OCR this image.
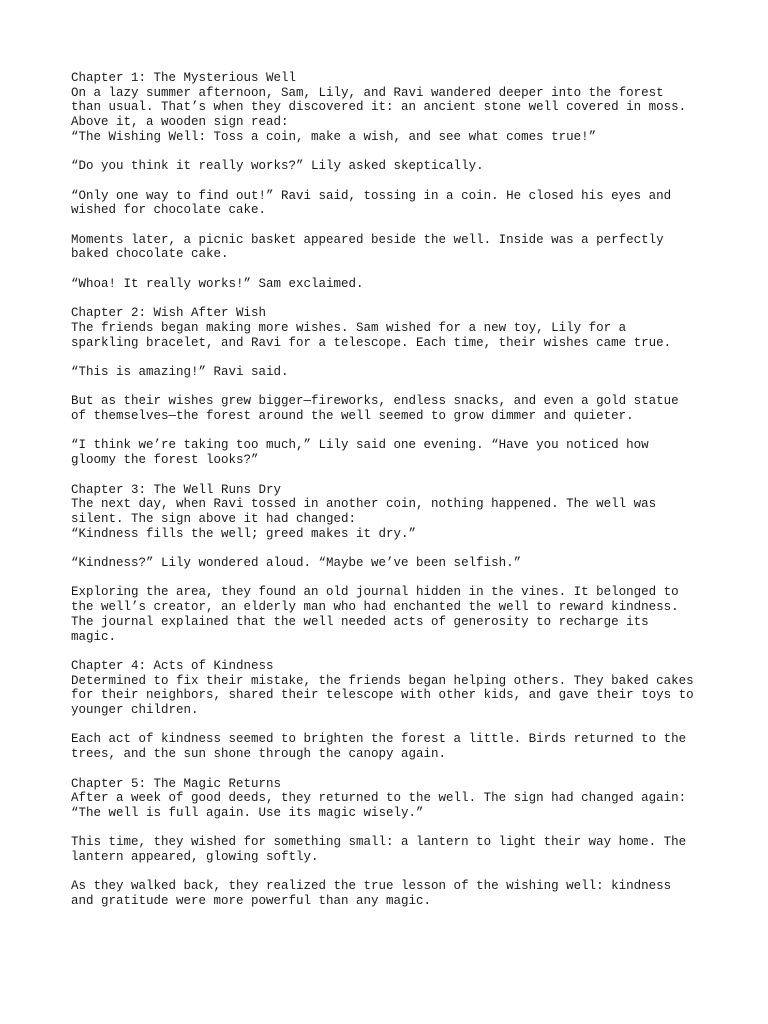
Chapter 1: The Mysterious Well
On a lazy summer afternoon, Sam, Lily, and Ravi wandered deeper into the forest
than usual. That’s when they discovered it: an ancient stone well covered in moss.
Above it, a wooden sign read:
“The Wishing Well: Toss a coin, make a wish, and see what comes true!”
“Do you think it really works?” Lily asked skeptically.
“Only one way to find out!” Ravi said, tossing in a coin. He closed his eyes and
wished for chocolate cake.
Moments later, a picnic basket appeared beside the well. Inside was a perfectly
baked chocolate cake.
“Whoa! It really works!” Sam exclaimed.
Chapter 2: Wish After Wish
The friends began making more wishes. Sam wished for a new toy, Lily for a
sparkling bracelet, and Ravi for a telescope. Each time, their wishes came true.
“This is amazing!” Ravi said.
But as their wishes grew bigger—fireworks, endless snacks, and even a gold statue
of themselves—the forest around the well seemed to grow dimmer and quieter.
“I think we’re taking too much,” Lily said one evening. “Have you noticed how
gloomy the forest looks?”
Chapter 3: The Well Runs Dry
The next day, when Ravi tossed in another coin, nothing happened. The well was
silent. The sign above it had changed:
“Kindness fills the well; greed makes it dry.”
“Kindness?” Lily wondered aloud. “Maybe we’ve been selfish.”
Exploring the area, they found an old journal hidden in the vines. It belonged to
the well’s creator, an elderly man who had enchanted the well to reward kindness.
The journal explained that the well needed acts of generosity to recharge its
magic.
Chapter 4: Acts of Kindness
Determined to fix their mistake, the friends began helping others. They baked cakes
for their neighbors, shared their telescope with other kids, and gave their toys to
younger children.
Each act of kindness seemed to brighten the forest a little. Birds returned to the
trees, and the sun shone through the canopy again.
Chapter 5: The Magic Returns
After a week of good deeds, they returned to the well. The sign had changed again:
“The well is full again. Use its magic wisely.”
This time, they wished for something small: a lantern to light their way home. The
lantern appeared, glowing softly.
As they walked back, they realized the true lesson of the wishing well: kindness
and gratitude were more powerful than any magic.
